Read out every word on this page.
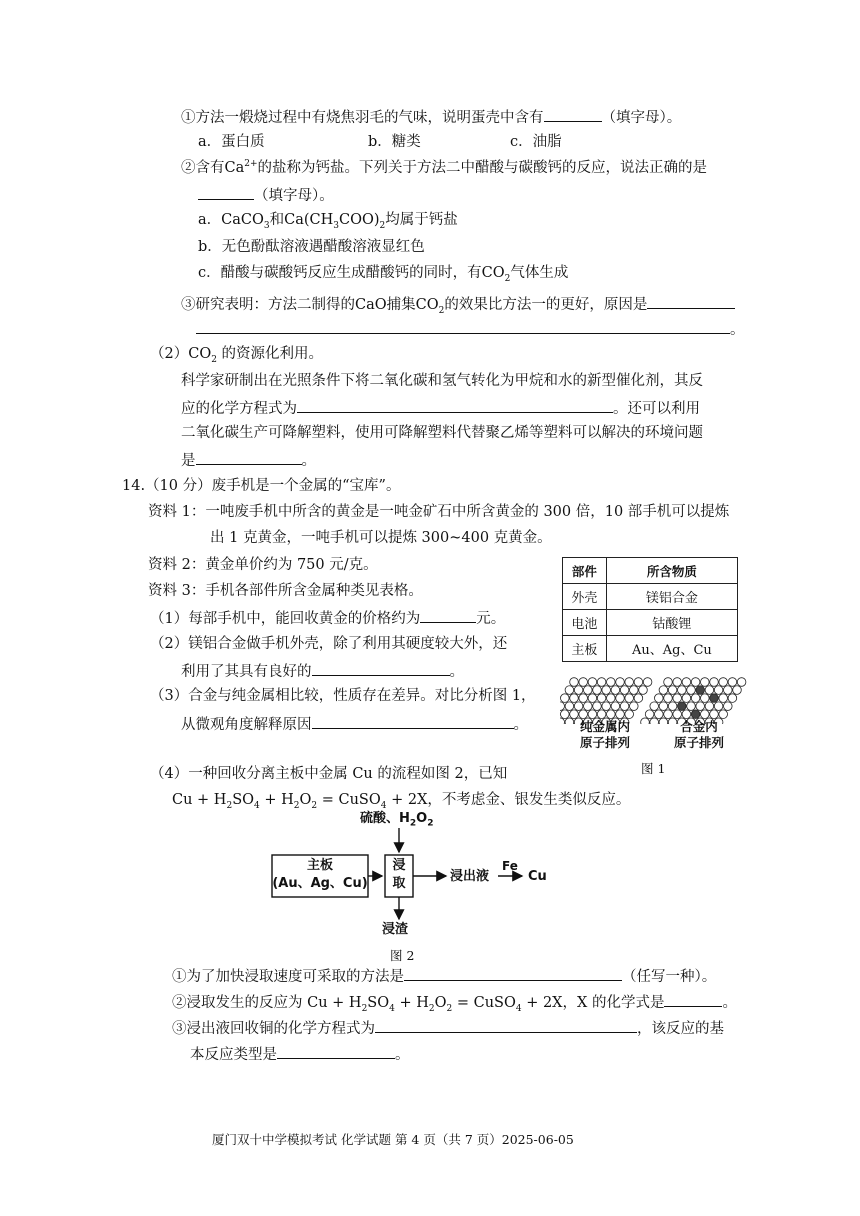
①方法一煅烧过程中有烧焦羽毛的气味，说明蛋壳中含有	（填字母）。
a．蛋白质	b．糖类	c．油脂
②含有$Ca^{2+}$的盐称为钙盐。下列关于方法二中醋酸与碳酸钙的反应，说法正确的是
（填字母）。
a．CaCO$_3$和$Ca(CH_3COO)_2$均属于钙盐
b．无色酚酞溶液遇醋酸溶液显红色
c．醋酸与碳酸钙反应生成醋酸钙的同时，有$CO_2$气体生成
③研究表明：方法二制得的CaO捕集$CO_2$的效果比方法一的更好，原因是
。
$(2)CO_2$ 的资源化利用。
科学家研制出在光照条件下将二氧化碳和氢气转化为甲烷和水的新型催化剂，其反
应的化学方程式为	。还可以利用
二氧化碳生产可降解塑料，使用可降解塑料代替聚乙烯等塑料可以解决的环境问题
是	。
14.（10 分）废手机是一个金属的“宝库”。
资料 1：一吨废手机中所含的黄金是一吨金矿石中所含黄金的 300 倍，10 部手机可以提炼
出 1 克黄金，一吨手机可以提炼 300~400 克黄金。
资料 2：黄金单价约为 750 元/克。
资料 3：手机各部件所含金属种类见表格。
（1）每部手机中，能回收黄金的价格约为	元。
（2）镁铝合金做手机外壳，除了利用其硬度较大外，还
利用了其具有良好的	。
（3）合金与纯金属相比较，性质存在差异。对比分析图 1，
从微观角度解释原因	。
部件	所含物质
外壳	镁铝合金
电池	钴酸锂
主板	Au、Ag、Cu
纯金属内
原子排列
合金内
原子排列
图 1
（4）一种回收分离主板中金属 Cu 的流程如图 2，已知
$Cu + H_2SO_4 + H_2O_2$ = CuSO$_4$ + 2X，不考虑金、银发生类似反应。
硫酸、$H_2O_2$
主板
(Au、Ag、Cu)
浸
取	浸出液
Fe
Cu
浸渣
图 2
①为了加快浸取速度可采取的方法是	（任写一种）。
②浸取发生的反应为 $Cu + H_2SO_4 + H_2O_2$ = CuSO$_4$ + 2X，X 的化学式是	。
③浸出液回收铜的化学方程式为	，该反应的基
本反应类型是	。
厦门双十中学模拟考试 化学试题 第 4 页（共 7 页）2025-06-05
